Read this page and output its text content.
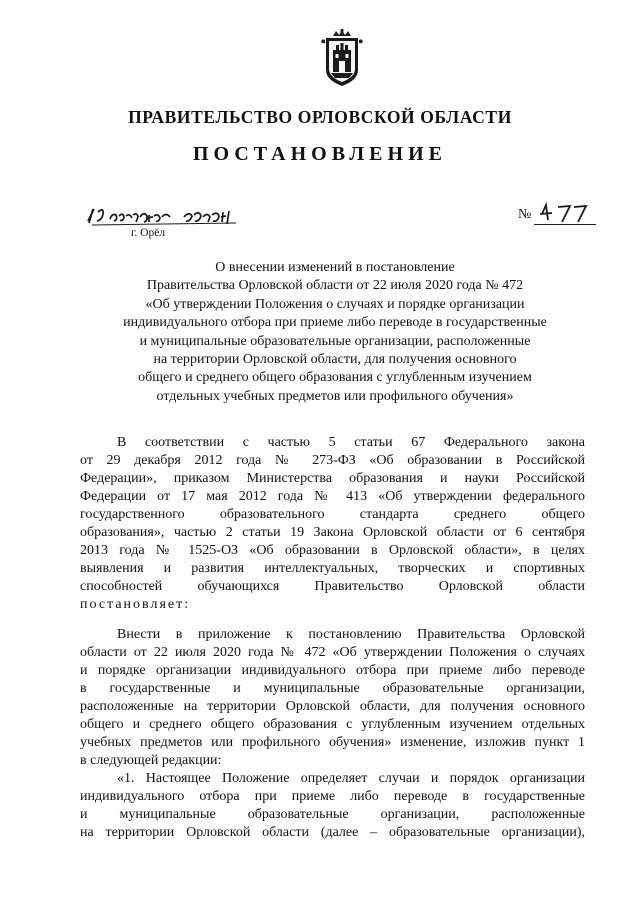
ПРАВИТЕЛЬСТВО ОРЛОВСКОЙ ОБЛАСТИ
ПОСТАНОВЛЕНИЕ
г. Орёл
№
О внесении изменений в постановление
Правительства Орловской области от 22 июля 2020 года № 472
«Об утверждении Положения о случаях и порядке организации
индивидуального отбора при приеме либо переводе в государственные
и муниципальные образовательные организации, расположенные
на территории Орловской области, для получения основного
общего и среднего общего образования с углубленным изучением
отдельных учебных предметов или профильного обучения»
В соответствии с частью 5 статьи 67 Федерального закона
от 29 декабря 2012 года № 273-ФЗ «Об образовании в Российской
Федерации», приказом Министерства образования и науки Российской
Федерации от 17 мая 2012 года № 413 «Об утверждении федерального
государственного образовательного стандарта среднего общего
образования», частью 2 статьи 19 Закона Орловской области от 6 сентября
2013 года № 1525-ОЗ «Об образовании в Орловской области», в целях
выявления и развития интеллектуальных, творческих и спортивных
способностей обучающихся Правительство Орловской области
постановляет:
Внести в приложение к постановлению Правительства Орловской
области от 22 июля 2020 года № 472 «Об утверждении Положения о случаях
и порядке организации индивидуального отбора при приеме либо переводе
в государственные и муниципальные образовательные организации,
расположенные на территории Орловской области, для получения основного
общего и среднего общего образования с углубленным изучением отдельных
учебных предметов или профильного обучения» изменение, изложив пункт 1
в следующей редакции:
«1. Настоящее Положение определяет случаи и порядок организации
индивидуального отбора при приеме либо переводе в государственные
и муниципальные образовательные организации, расположенные
на территории Орловской области (далее – образовательные организации),
